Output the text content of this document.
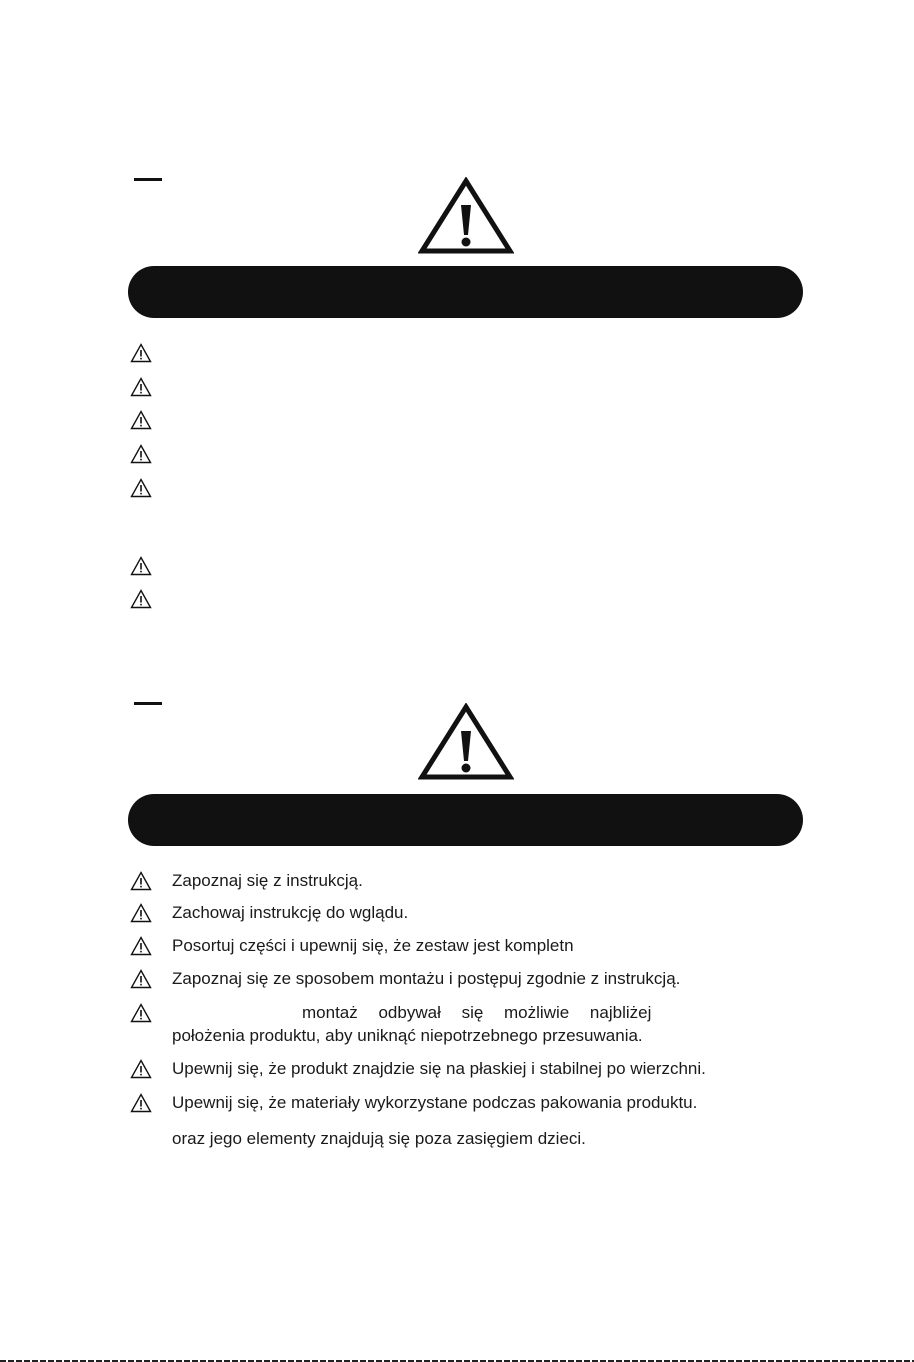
Zapoznaj się z instrukcją.
Zachowaj instrukcję do wglądu.
Posortuj części i upewnij się, że zestaw jest kompletn
Zapoznaj się ze sposobem montażu i postępuj zgodnie z instrukcją.
montaż odbywał się możliwie najbliżej
położenia produktu, aby uniknąć niepotrzebnego przesuwania.
Upewnij się, że produkt znajdzie się na płaskiej i stabilnej po wierzchni.
Upewnij się, że materiały wykorzystane podczas pakowania produktu.
oraz jego elementy znajdują się poza zasięgiem dzieci.
